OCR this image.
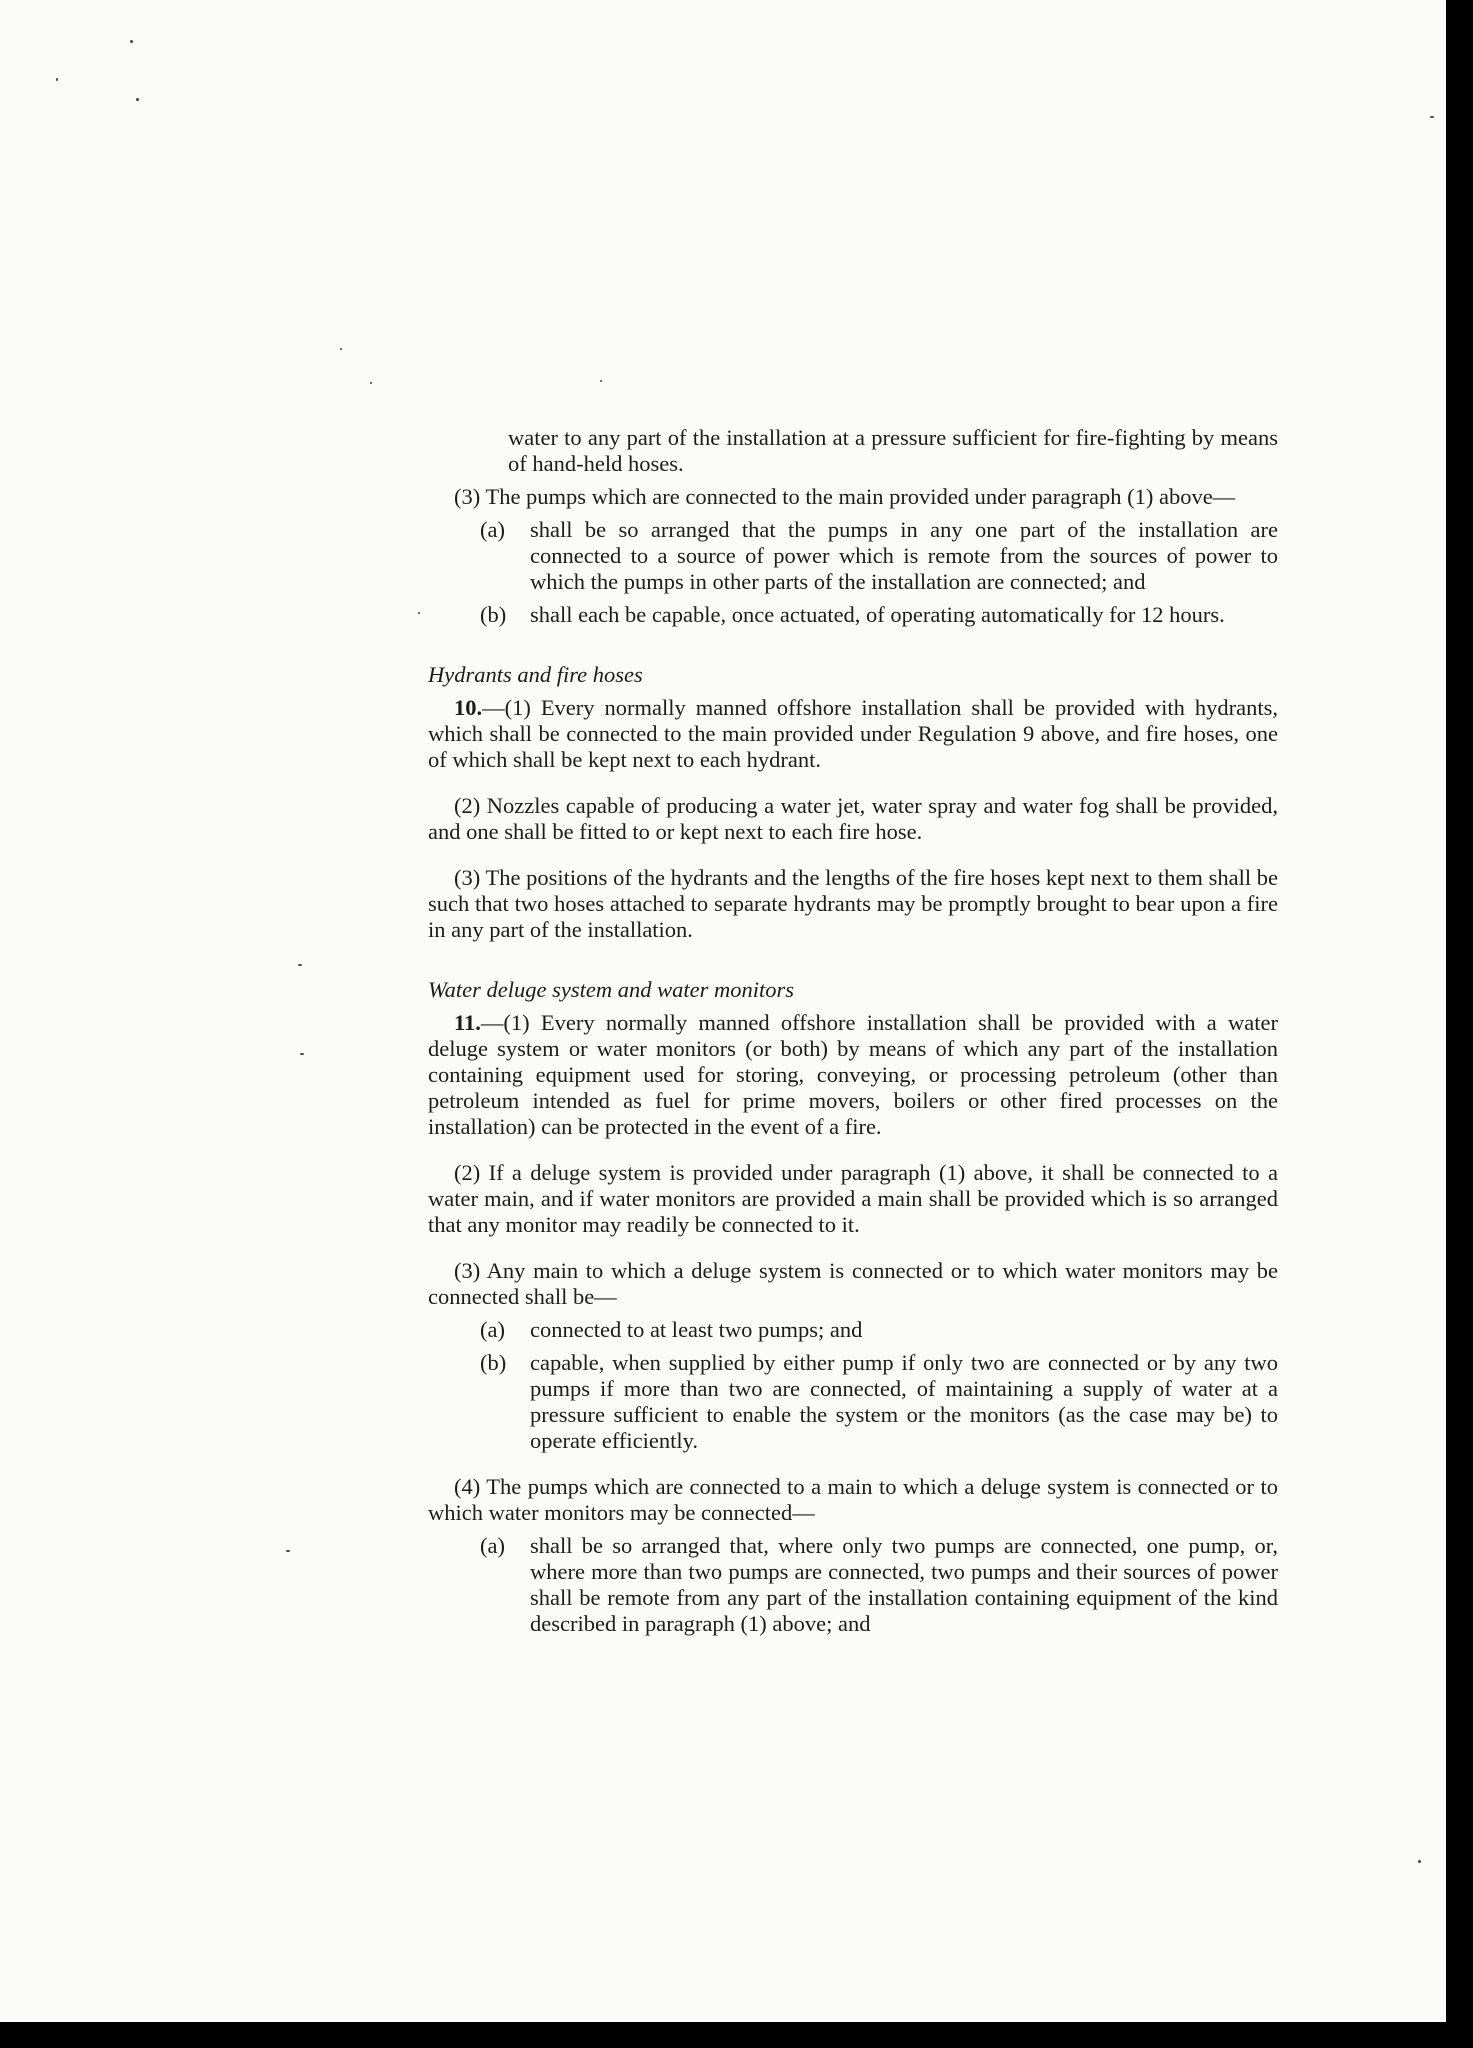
water to any part of the installation at a pressure sufficient for fire-fighting by means of hand-held hoses.

(3) The pumps which are connected to the main provided under paragraph (1) above—

(a) shall be so arranged that the pumps in any one part of the installation are connected to a source of power which is remote from the sources of power to which the pumps in other parts of the installation are connected; and
(b) shall each be capable, once actuated, of operating automatically for 12 hours.

Hydrants and fire hoses

10.—(1) Every normally manned offshore installation shall be provided with hydrants, which shall be connected to the main provided under Regulation 9 above, and fire hoses, one of which shall be kept next to each hydrant.

(2) Nozzles capable of producing a water jet, water spray and water fog shall be provided, and one shall be fitted to or kept next to each fire hose.

(3) The positions of the hydrants and the lengths of the fire hoses kept next to them shall be such that two hoses attached to separate hydrants may be promptly brought to bear upon a fire in any part of the installation.

Water deluge system and water monitors

11.—(1) Every normally manned offshore installation shall be provided with a water deluge system or water monitors (or both) by means of which any part of the installation containing equipment used for storing, conveying, or processing petroleum (other than petroleum intended as fuel for prime movers, boilers or other fired processes on the installation) can be protected in the event of a fire.

(2) If a deluge system is provided under paragraph (1) above, it shall be connected to a water main, and if water monitors are provided a main shall be provided which is so arranged that any monitor may readily be connected to it.

(3) Any main to which a deluge system is connected or to which water monitors may be connected shall be—

(a) connected to at least two pumps; and
(b) capable, when supplied by either pump if only two are connected or by any two pumps if more than two are connected, of maintaining a supply of water at a pressure sufficient to enable the system or the monitors (as the case may be) to operate efficiently.

(4) The pumps which are connected to a main to which a deluge system is connected or to which water monitors may be connected—

(a) shall be so arranged that, where only two pumps are connected, one pump, or, where more than two pumps are connected, two pumps and their sources of power shall be remote from any part of the installation containing equipment of the kind described in paragraph (1) above; and
